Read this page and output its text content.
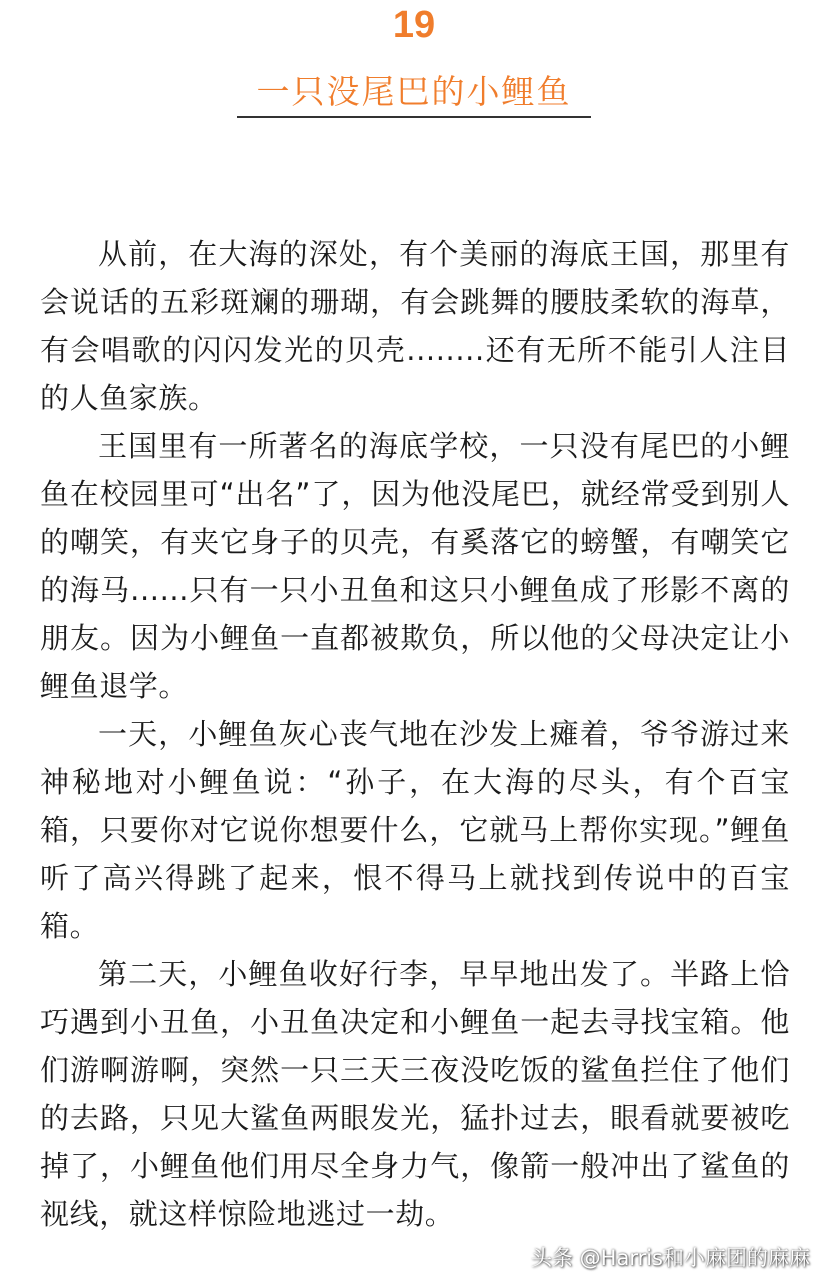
19
一只没尾巴的小鲤鱼

从前，在大海的深处，有个美丽的海底王国，那里有会说话的五彩斑斓的珊瑚，有会跳舞的腰肢柔软的海草，有会唱歌的闪闪发光的贝壳........还有无所不能引人注目的人鱼家族。

王国里有一所著名的海底学校，一只没有尾巴的小鲤鱼在校园里可“出名”了，因为他没尾巴，就经常受到别人的嘲笑，有夹它身子的贝壳，有奚落它的螃蟹，有嘲笑它的海马......只有一只小丑鱼和这只小鲤鱼成了形影不离的朋友。因为小鲤鱼一直都被欺负，所以他的父母决定让小鲤鱼退学。

一天，小鲤鱼灰心丧气地在沙发上瘫着，爷爷游过来神秘地对小鲤鱼说：“孙子，在大海的尽头，有个百宝箱，只要你对它说你想要什么，它就马上帮你实现。”鲤鱼听了高兴得跳了起来，恨不得马上就找到传说中的百宝箱。

第二天，小鲤鱼收好行李，早早地出发了。半路上恰巧遇到小丑鱼，小丑鱼决定和小鲤鱼一起去寻找宝箱。他们游啊游啊，突然一只三天三夜没吃饭的鲨鱼拦住了他们的去路，只见大鲨鱼两眼发光，猛扑过去，眼看就要被吃掉了，小鲤鱼他们用尽全身力气，像箭一般冲出了鲨鱼的视线，就这样惊险地逃过一劫。

头条 @Harris和小麻团的麻麻
